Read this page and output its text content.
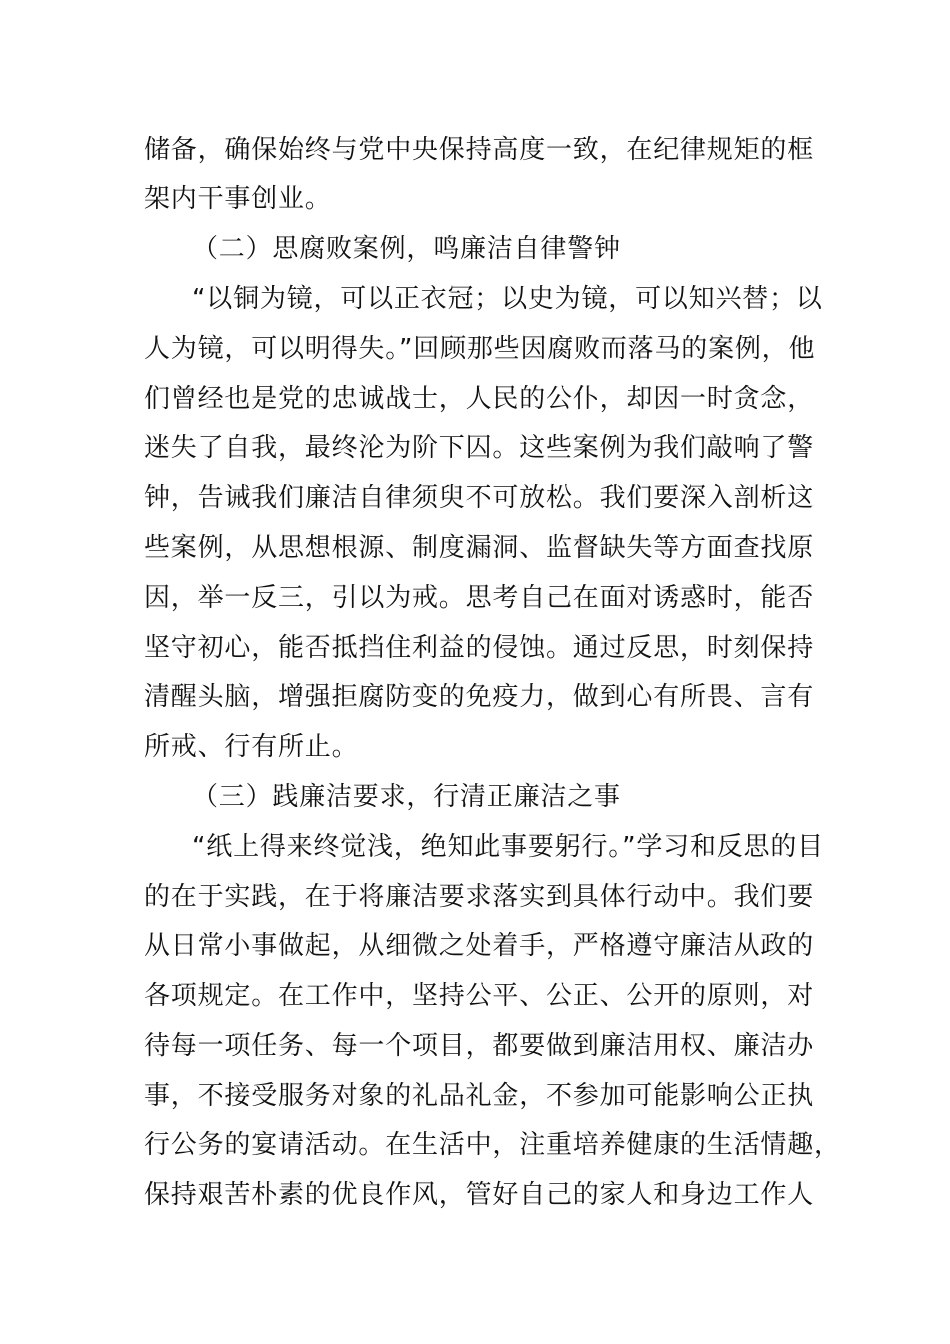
储备，确保始终与党中央保持高度一致，在纪律规矩的框

架内干事创业。

（二）思腐败案例，鸣廉洁自律警钟

“以铜为镜，可以正衣冠；以史为镜，可以知兴替；以

人为镜，可以明得失。”回顾那些因腐败而落马的案例，他

们曾经也是党的忠诚战士，人民的公仆，却因一时贪念，

迷失了自我，最终沦为阶下囚。这些案例为我们敲响了警

钟，告诫我们廉洁自律须臾不可放松。我们要深入剖析这

些案例，从思想根源、制度漏洞、监督缺失等方面查找原

因，举一反三，引以为戒。思考自己在面对诱惑时，能否

坚守初心，能否抵挡住利益的侵蚀。通过反思，时刻保持

清醒头脑，增强拒腐防变的免疫力，做到心有所畏、言有

所戒、行有所止。

（三）践廉洁要求，行清正廉洁之事

“纸上得来终觉浅，绝知此事要躬行。”学习和反思的目

的在于实践，在于将廉洁要求落实到具体行动中。我们要

从日常小事做起，从细微之处着手，严格遵守廉洁从政的

各项规定。在工作中，坚持公平、公正、公开的原则，对

待每一项任务、每一个项目，都要做到廉洁用权、廉洁办

事，不接受服务对象的礼品礼金，不参加可能影响公正执

行公务的宴请活动。在生活中，注重培养健康的生活情趣，

保持艰苦朴素的优良作风，管好自己的家人和身边工作人
